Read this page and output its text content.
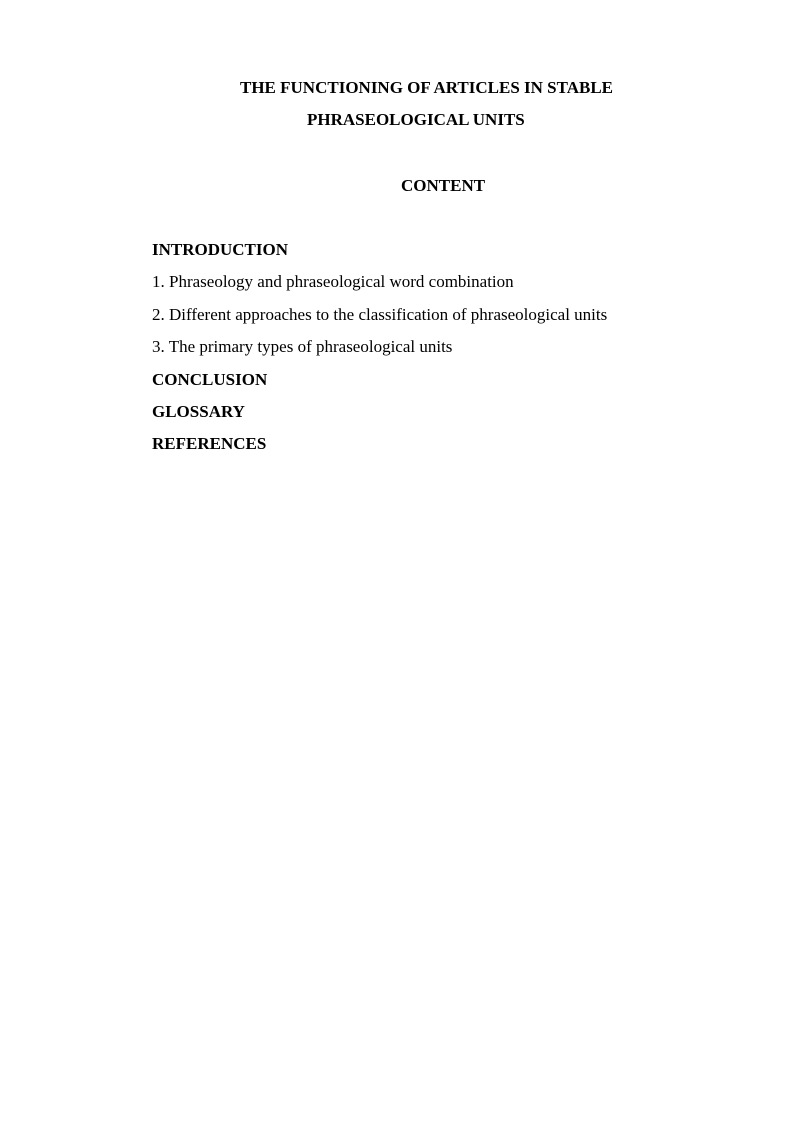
THE FUNCTIONING OF ARTICLES IN STABLE
PHRASEOLOGICAL UNITS
CONTENT
INTRODUCTION
1. Phraseology and phraseological word combination
2. Different approaches to the classification of phraseological units
3. The primary types of phraseological units
CONCLUSION
GLOSSARY
REFERENCES
